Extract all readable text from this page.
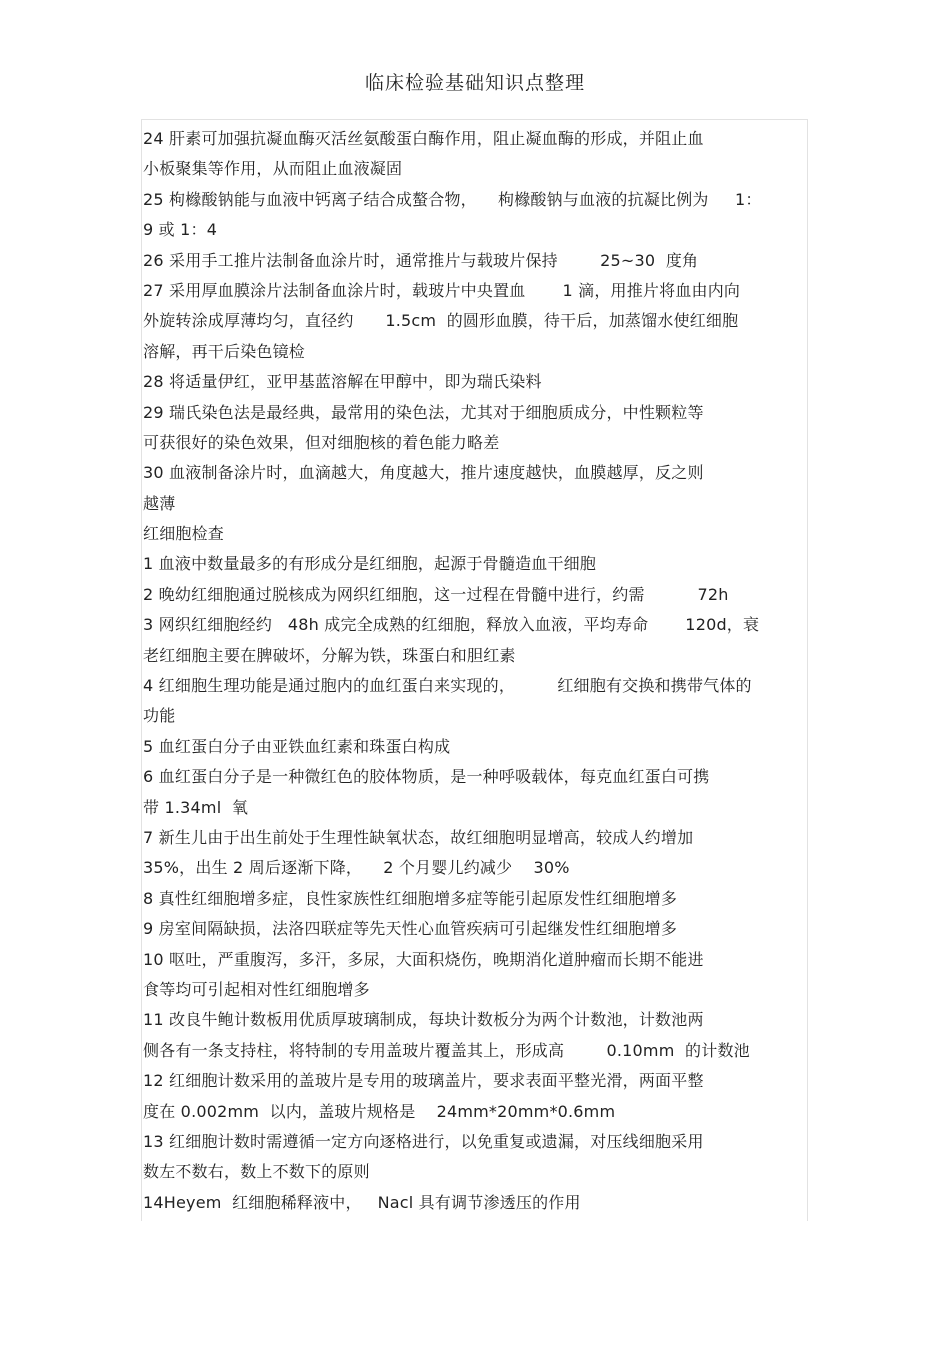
临床检验基础知识点整理
24 肝素可加强抗凝血酶灭活丝氨酸蛋白酶作用，阻止凝血酶的形成，并阻止血
小板聚集等作用，从而阻止血液凝固
25 枸橼酸钠能与血液中钙离子结合成螯合物，    枸橼酸钠与血液的抗凝比例为     1：
9 或 1：4
26 采用手工推片法制备血涂片时，通常推片与载玻片保持        25~30  度角
27 采用厚血膜涂片法制备血涂片时，载玻片中央置血       1 滴，用推片将血由内向
外旋转涂成厚薄均匀，直径约      1.5cm  的圆形血膜，待干后，加蒸馏水使红细胞
溶解，再干后染色镜检
28 将适量伊红，亚甲基蓝溶解在甲醇中，即为瑞氏染料
29 瑞氏染色法是最经典，最常用的染色法，尤其对于细胞质成分，中性颗粒等
可获很好的染色效果，但对细胞核的着色能力略差
30 血液制备涂片时，血滴越大，角度越大，推片速度越快，血膜越厚，反之则
越薄
红细胞检查
1 血液中数量最多的有形成分是红细胞，起源于骨髓造血干细胞
2 晚幼红细胞通过脱核成为网织红细胞，这一过程在骨髓中进行，约需          72h
3 网织红细胞经约   48h 成完全成熟的红细胞，释放入血液，平均寿命       120d，衰
老红细胞主要在脾破坏，分解为铁，珠蛋白和胆红素
4 红细胞生理功能是通过胞内的血红蛋白来实现的，        红细胞有交换和携带气体的
功能
5 血红蛋白分子由亚铁血红素和珠蛋白构成
6 血红蛋白分子是一种微红色的胶体物质，是一种呼吸载体，每克血红蛋白可携
带 1.34ml  氧
7 新生儿由于出生前处于生理性缺氧状态，故红细胞明显增高，较成人约增加
35%，出生 2 周后逐渐下降，    2 个月婴儿约减少    30%
8 真性红细胞增多症，良性家族性红细胞增多症等能引起原发性红细胞增多
9 房室间隔缺损，法洛四联症等先天性心血管疾病可引起继发性红细胞增多
10 呕吐，严重腹泻，多汗，多尿，大面积烧伤，晚期消化道肿瘤而长期不能进
食等均可引起相对性红细胞增多
11 改良牛鲍计数板用优质厚玻璃制成，每块计数板分为两个计数池，计数池两
侧各有一条支持柱，将特制的专用盖玻片覆盖其上，形成高        0.10mm  的计数池
12 红细胞计数采用的盖玻片是专用的玻璃盖片，要求表面平整光滑，两面平整
度在 0.002mm  以内，盖玻片规格是    24mm*20mm*0.6mm
13 红细胞计数时需遵循一定方向逐格进行，以免重复或遗漏，对压线细胞采用
数左不数右，数上不数下的原则
14Heyem  红细胞稀释液中，   Nacl 具有调节渗透压的作用
